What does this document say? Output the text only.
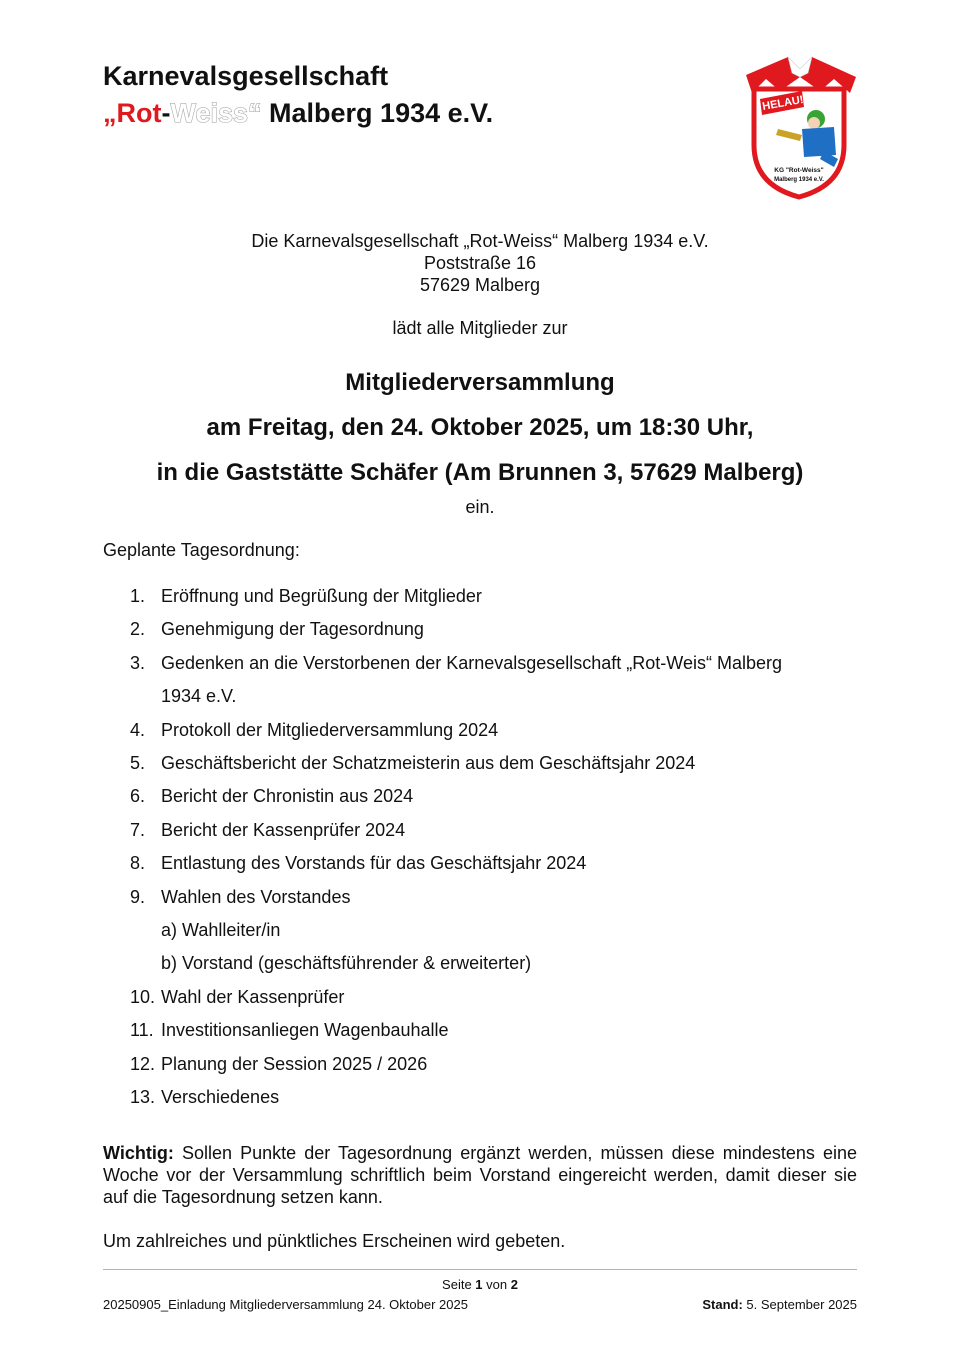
Karnevalsgesellschaft
„Rot-Weiss“ Malberg 1934 e.V.	HELAU!
KG "Rot-Weiss"
Malberg 1934 e.V.
Die Karnevalsgesellschaft „Rot-Weiss“ Malberg 1934 e.V.
Poststraße 16
57629 Malberg
lädt alle Mitglieder zur
Mitgliederversammlung
am Freitag, den 24. Oktober 2025, um 18:30 Uhr,
in die Gaststätte Schäfer (Am Brunnen 3, 57629 Malberg)
ein.
Geplante Tagesordnung:
1. Eröffnung und Begrüßung der Mitglieder
2. Genehmigung der Tagesordnung
3. Gedenken an die Verstorbenen der Karnevalsgesellschaft „Rot-Weis“ Malberg
1934 e.V.
4. Protokoll der Mitgliederversammlung 2024
5. Geschäftsbericht der Schatzmeisterin aus dem Geschäftsjahr 2024
6. Bericht der Chronistin aus 2024
7. Bericht der Kassenprüfer 2024
8. Entlastung des Vorstands für das Geschäftsjahr 2024
9. Wahlen des Vorstandes
a) Wahlleiter/in
b) Vorstand (geschäftsführender & erweiterter)
10. Wahl der Kassenprüfer
11. Investitionsanliegen Wagenbauhalle
12. Planung der Session 2025 / 2026
13. Verschiedenes
Wichtig: Sollen Punkte der Tagesordnung ergänzt werden, müssen diese mindestens eine Woche vor der Versammlung schriftlich beim Vorstand eingereicht werden, damit dieser sie auf die Tagesordnung setzen kann.
Um zahlreiches und pünktliches Erscheinen wird gebeten.
Seite 1 von 2
20250905_Einladung Mitgliederversammlung 24. Oktober 2025	Stand: 5. September 2025
